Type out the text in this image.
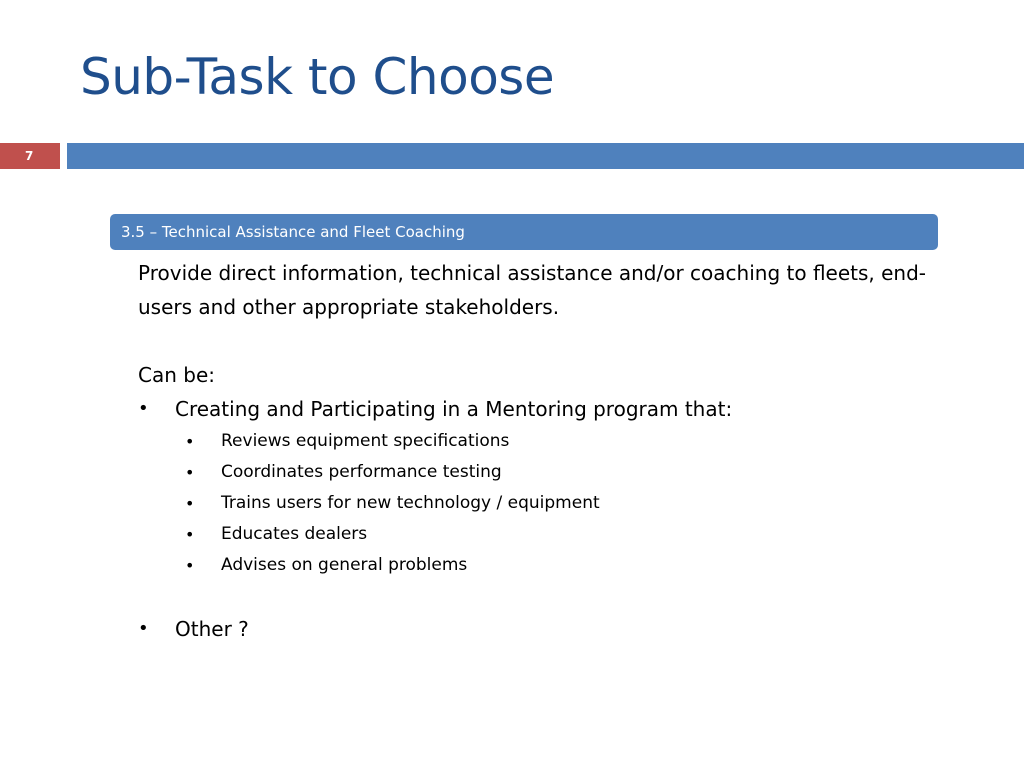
Sub-Task to Choose
7
3.5 – Technical Assistance and Fleet Coaching

Provide direct information, technical assistance and/or coaching to fleets, end-users and other appropriate stakeholders.

Can be:

• Creating and Participating in a Mentoring program that:
• Reviews equipment specifications
• Coordinates performance testing
• Trains users for new technology / equipment
• Educates dealers
• Advises on general problems
• Other ?
